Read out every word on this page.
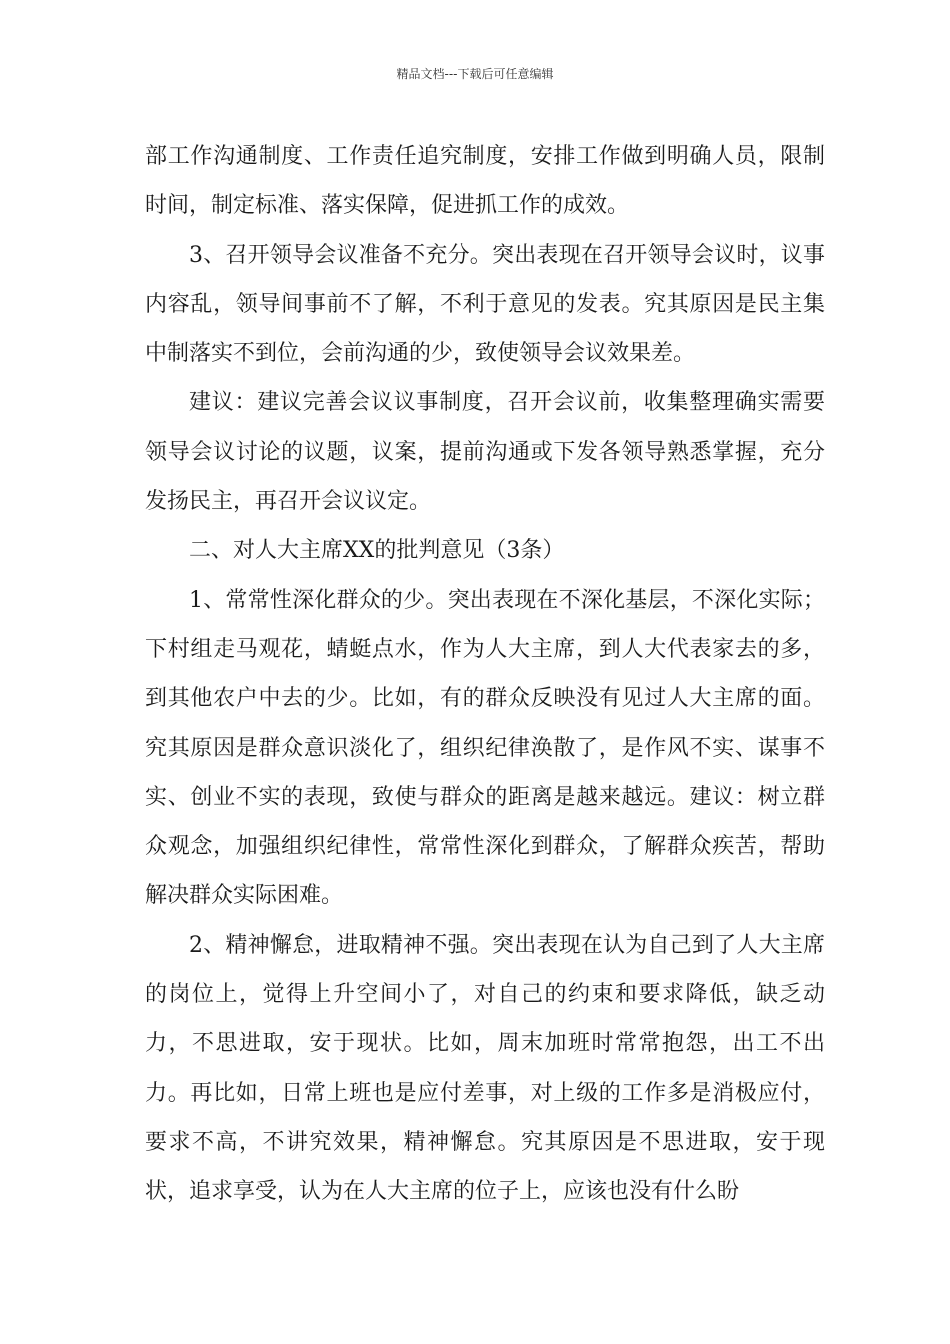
精品文档---下载后可任意编辑

部工作沟通制度、工作责任追究制度，安排工作做到明确人员，限制时间，制定标准、落实保障，促进抓工作的成效。

3、召开领导会议准备不充分。突出表现在召开领导会议时，议事内容乱，领导间事前不了解，不利于意见的发表。究其原因是民主集中制落实不到位，会前沟通的少，致使领导会议效果差。

建议：建议完善会议议事制度，召开会议前，收集整理确实需要领导会议讨论的议题，议案，提前沟通或下发各领导熟悉掌握，充分发扬民主，再召开会议议定。

二、对人大主席XX的批判意见（3条）

1、常常性深化群众的少。突出表现在不深化基层，不深化实际；下村组走马观花，蜻蜓点水，作为人大主席，到人大代表家去的多，到其他农户中去的少。比如，有的群众反映没有见过人大主席的面。究其原因是群众意识淡化了，组织纪律涣散了，是作风不实、谋事不实、创业不实的表现，致使与群众的距离是越来越远。建议：树立群众观念，加强组织纪律性，常常性深化到群众，了解群众疾苦，帮助解决群众实际困难。

2、精神懈怠，进取精神不强。突出表现在认为自己到了人大主席的岗位上，觉得上升空间小了，对自己的约束和要求降低，缺乏动力，不思进取，安于现状。比如，周末加班时常常抱怨，出工不出力。再比如，日常上班也是应付差事，对上级的工作多是消极应付，要求不高，不讲究效果，精神懈怠。究其原因是不思进取，安于现状，追求享受，认为在人大主席的位子上，应该也没有什么盼
